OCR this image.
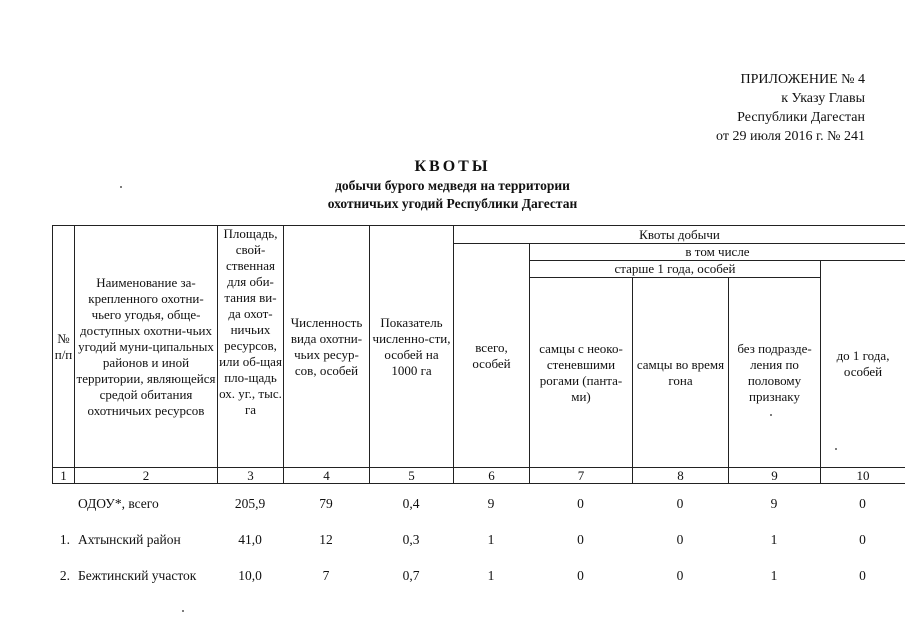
ПРИЛОЖЕНИЕ № 4
к Указу Главы
Республики Дагестан
от 29 июля 2016 г. № 241
КВОТЫ
добычи бурого медведя на территории
охотничьих угодий Республики Дагестан
№ п/п	Наименование за-крепленного охотни-чьего угодья, обще-доступных охотни-чьих угодий муни-ципальных районов и иной территории, являющейся средой обитания охотничьих ресурсов	Площадь, свой-ственная для оби-тания ви-да охот-ничьих ресурсов, или об-щая пло-щадь ох. уг., тыс. га	Численность вида охотни-чьих ресур-сов, особей	Показатель численно-сти, особей на 1000 га	Квоты добычи				
					всего, особей	в том числе			
						старше 1 года, особей			до 1 года, особей
						самцы с неоко-стеневшими рогами (панта-ми)	самцы во время гона	без подразде-ления по половому признаку	
1	2	3	4	5	6	7	8	9	10
	ОДОУ*, всего	205,9	79	0,4	9	0	0	9	0
1.	Ахтынский район	41,0	12	0,3	1	0	0	1	0
2.	Бежтинский участок	10,0	7	0,7	1	0	0	1	0
